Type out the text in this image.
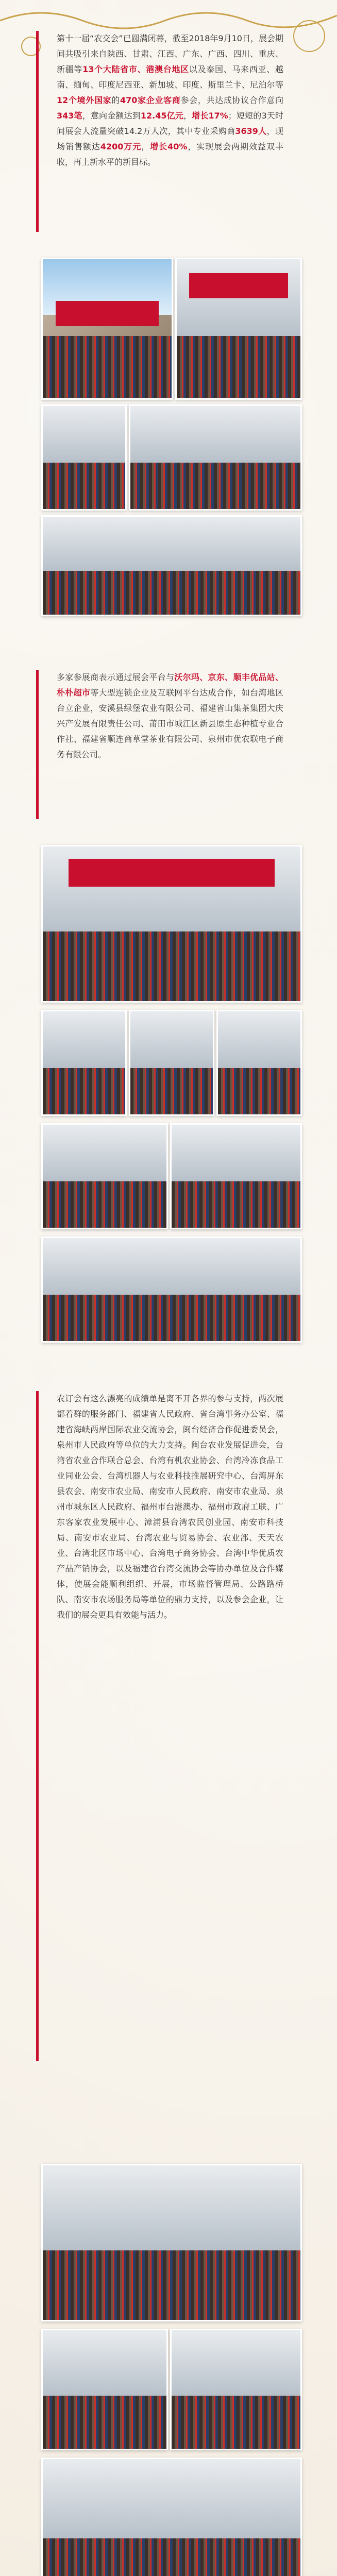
第十一届“农交会”已圆满闭幕，截至2018年9月10日，展会期间共吸引来自陕西、甘肃、江西、广东、广西、四川、重庆、新疆等13个大陆省市、港澳台地区以及泰国、马来西亚、越南、缅甸、印度尼西亚、新加坡、印度、斯里兰卡、尼泊尔等12个境外国家的470家企业客商参会，共达成协议合作意向343笔，意向金额达到12.45亿元，增长17%；短短的3天时间展会人流量突破14.2万人次，其中专业采购商3639人，现场销售额达4200万元，增长40%，实现展会两期效益双丰收，再上新水平的新目标。
多家参展商表示通过展会平台与沃尔玛、京东、顺丰优品站、朴朴超市等大型连锁企业及互联网平台达成合作，如台湾地区台立企业，安溪县绿堡农业有限公司、福建省山集茶集团大庆兴产发展有限责任公司、莆田市城江区新县原生态种植专业合作社、福建省顺连商草堂茶业有限公司、泉州市优农联电子商务有限公司。
农订会有这么漂亮的成绩单是离不开各界的参与支持，两次展都着群的服务部门、福建省人民政府、省台湾事务办公室、福建省海峡两岸国际农业交流协会，闽台经济合作促进委员会，泉州市人民政府等单位的大力支持。闽台农业发展促进会，台湾省农业合作联合总会、台湾有机农业协会、台湾冷冻食品工业同业公会、台湾机器人与农业科技推展研究中心、台湾屏东县农会、南安市农业局、南安市人民政府、南安市农业局、泉州市城东区人民政府、福州市台港澳办、福州市政府工联、广东客家农业发展中心、漳浦县台湾农民创业园、南安市科技局、南安市农业局、台湾农业与贸易协会、农业部、天天农业、台湾北区市场中心、台湾电子商务协会、台湾中华优质农产品产销协会，以及福建省台湾交流协会等协办单位及合作媒体，使展会能顺利组织、开展，市场监督管理局、公路路桥队、南安市农场服务局等单位的鼎力支持，以及参会企业，让我们的展会更具有效能与活力。
